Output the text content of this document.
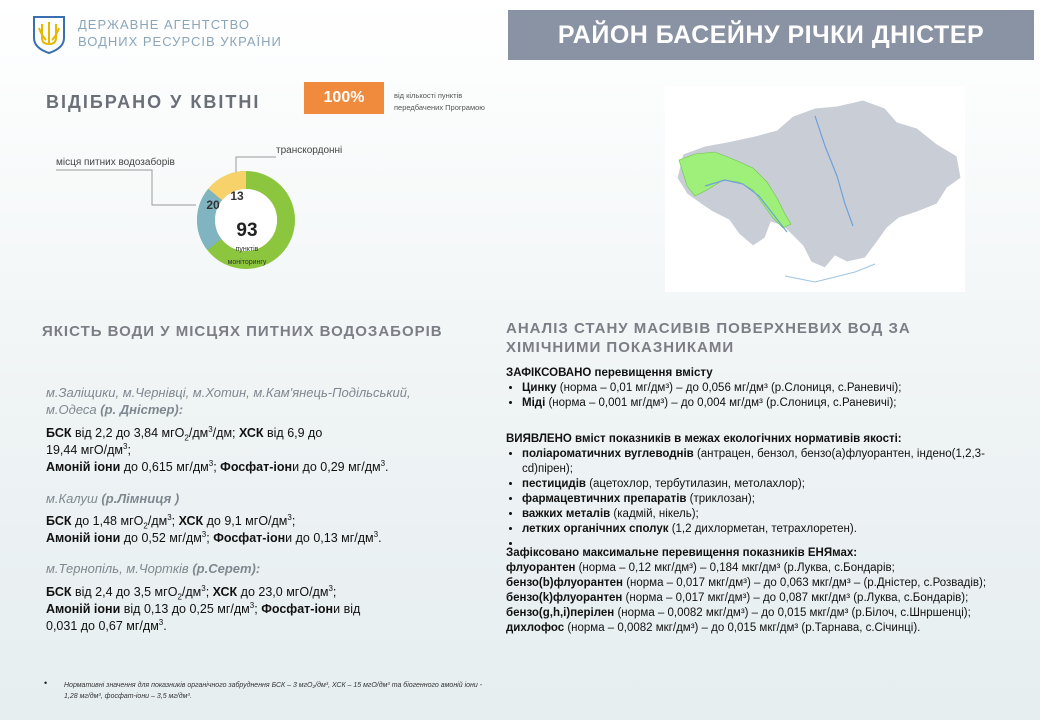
ДЕРЖАВНЕ АГЕНТСТВО
ВОДНИХ РЕСУРСІВ УКРАЇНИ	РАЙОН БАСЕЙНУ РІЧКИ ДНІСТЕР
ВІДІБРАНО У КВІТНІ	100%	від кількості пунктів
передбачених Програмою
місця питних водозаборів
транскордонні
20
13
93
пунктів
моніторингу
ЯКІСТЬ ВОДИ У МІСЦЯХ ПИТНИХ ВОДОЗАБОРІВ
м.Заліщики, м.Чернівці, м.Хотин, м.Кам'янець-Подільський,
м.Одеса (р. Дністер):
БСК від 2,2 до 3,84 $мгО_2/дм^3/дм$; ХСК від 6,9 до
19,44 мгО/$дм^3$;
Амоній іони до 0,615 $мг/дм^3$; Фосфат-іони до 0,29 $мг/дм^3$.
м.Калуш (р.Лімниця )
БСК до 1,48 $мгО_2/дм^3$; ХСК до 9,1 мгО/$дм^3$;
Амоній іони до 0,52 $мг/дм^3$; Фосфат-іони до 0,13 $мг/дм^3$.
м.Тернопіль, м.Чортків (р.Серет):
БСК від 2,4 до 3,5 $мгО_2/дм^3$; ХСК до 23,0 мгО/$дм^3$;
Амоній іони від 0,13 до 0,25 $мг/дм^3$; Фосфат-іони від
0,031 до 0,67 $мг/дм^3$.
• Нормативні значення для показників органічного забруднення БСК – 3 мгО₂/дм³, ХСК – 15 мгО/дм³ та біогенного амоній іони - 1,28 мг/дм³, фосфат-іони – 3,5 мг/дм³.
АНАЛІЗ СТАНУ МАСИВІВ ПОВЕРХНЕВИХ ВОД ЗА ХІМІЧНИМИ ПОКАЗНИКАМИ
ЗАФІКСОВАНО перевищення вмісту
• Цинку (норма – 0,01 мг/дм³) – до 0,056 мг/дм³ (р.Слониця, с.Раневичі);
• Міді (норма – 0,001 мг/дм³) – до 0,004 мг/дм³ (р.Слониця, с.Раневичі);
ВИЯВЛЕНО вміст показників в межах екологічних нормативів якості:
• поліароматичних вуглеводнів (антрацен, бензол, бензо(а)флуорантен, індено(1,2,3-cd)пірен);
• пестицидів (ацетохлор, тербутилазин, метолахлор);
• фармацевтичних препаратів (триклозан);
• важких металів (кадмій, нікель);
• летких органічних сполук (1,2 дихлорметан, тетрахлоретен).
•
Зафіксовано максимальне перевищення показників ЕНЯмах:
флуорантен (норма – 0,12 мкг/дм³) – 0,184 мкг/дм³ (р.Луква, с.Бондарів;
бензо(b)флуорантен (норма – 0,017 мкг/дм³) – до 0,063 мкг/дм³ – (р.Дністер, с.Розвадів);
бензо(k)флуорантен (норма – 0,017 мкг/дм³) – до 0,087 мкг/дм³ (р.Луква, с.Бондарів);
бензо(g,h,i)перілен (норма – 0,0082 мкг/дм³) – до 0,015 мкг/дм³ (р.Білоч, с.Шнршенці);
дихлофос (норма – 0,0082 мкг/дм³) – до 0,015 мкг/дм³ (р.Тарнава, с.Січинці).
